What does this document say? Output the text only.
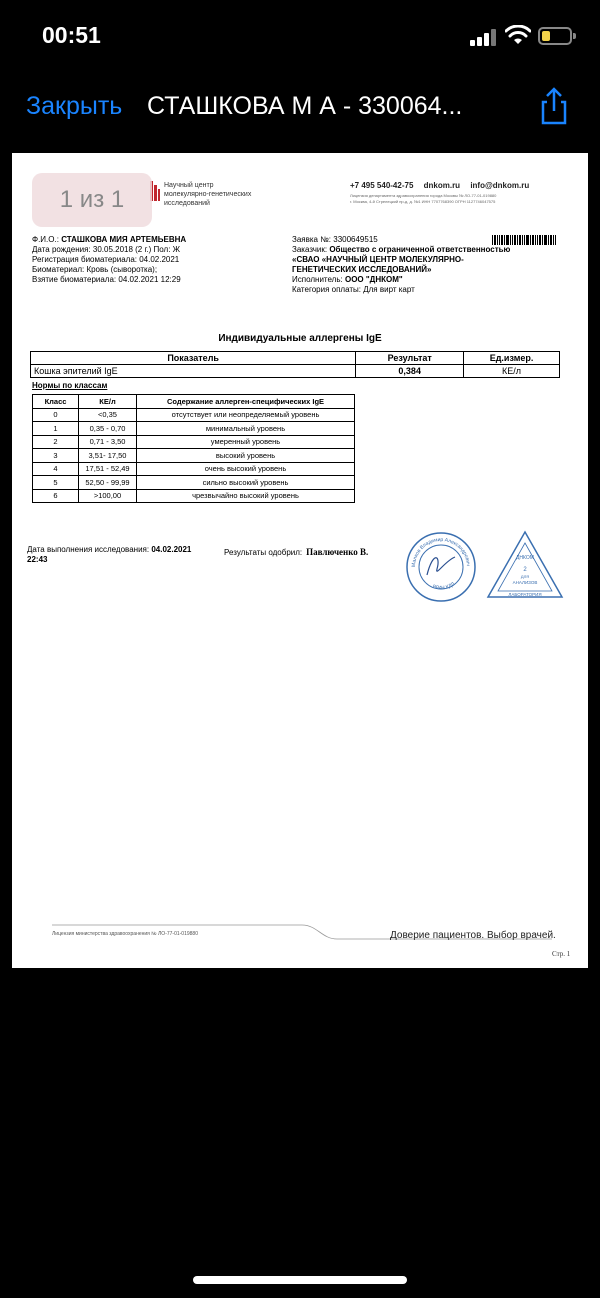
00:51
Закрыть СТАШКОВА М А - 330064...
Научный центр
молекулярно-генетических
исследований
+7 495 540-42-75 dnkom.ru info@dnkom.ru
Лицензия департамента здравоохранения города Москвы № ЛО-77-01-019880
г. Москва, 4-й Стрелецкий пр-д, д. №1 ИНН 7707768390 ОГРН 1127746047575
1 из 1
Ф.И.О.: СТАШКОВА МИЯ АРТЕМЬЕВНА
Дата рождения: 30.05.2018 (2 г.) Пол: Ж
Регистрация биоматериала: 04.02.2021
Биоматериал: Кровь (сыворотка);
Взятие биоматериала: 04.02.2021 12:29
Заявка №: 3300649515
Заказчик: Общество с ограниченной ответственностью «СВАО «НАУЧНЫЙ ЦЕНТР МОЛЕКУЛЯРНО-ГЕНЕТИЧЕСКИХ ИССЛЕДОВАНИЙ»
Исполнитель: ООО "ДНКОМ"
Категория оплаты: Для вирт карт
Индивидуальные аллергены IgE
Показатель	Результат	Ед.измер.
Кошка эпителий IgE	0,384	КЕ/л
Нормы по классам
Класс	КЕ/л	Содержание аллерген-специфических IgE
0	<0,35	отсутствует или неопределяемый уровень
1	0,35 - 0,70	минимальный уровень
2	0,71 - 3,50	умеренный уровень
3	3,51- 17,50	высокий уровень
4	17,51 - 52,49	очень высокий уровень
5	52,50 - 99,99	сильно высокий уровень
6	>100,00	чрезвычайно высокий уровень
Дата выполнения исследования: 04.02.2021
22:43
Результаты одобрил: Павлюченко В.
Малков Владимир Александрович
ВРАЧ КДЛ
ДНКОМ
2
ДЛЯ
АНАЛИЗОВ
ЛАБОРАТОРИЯ
Лицензия министерства здравоохранения № ЛО-77-01-019880	Доверие пациентов. Выбор врачей.
Стр. 1
